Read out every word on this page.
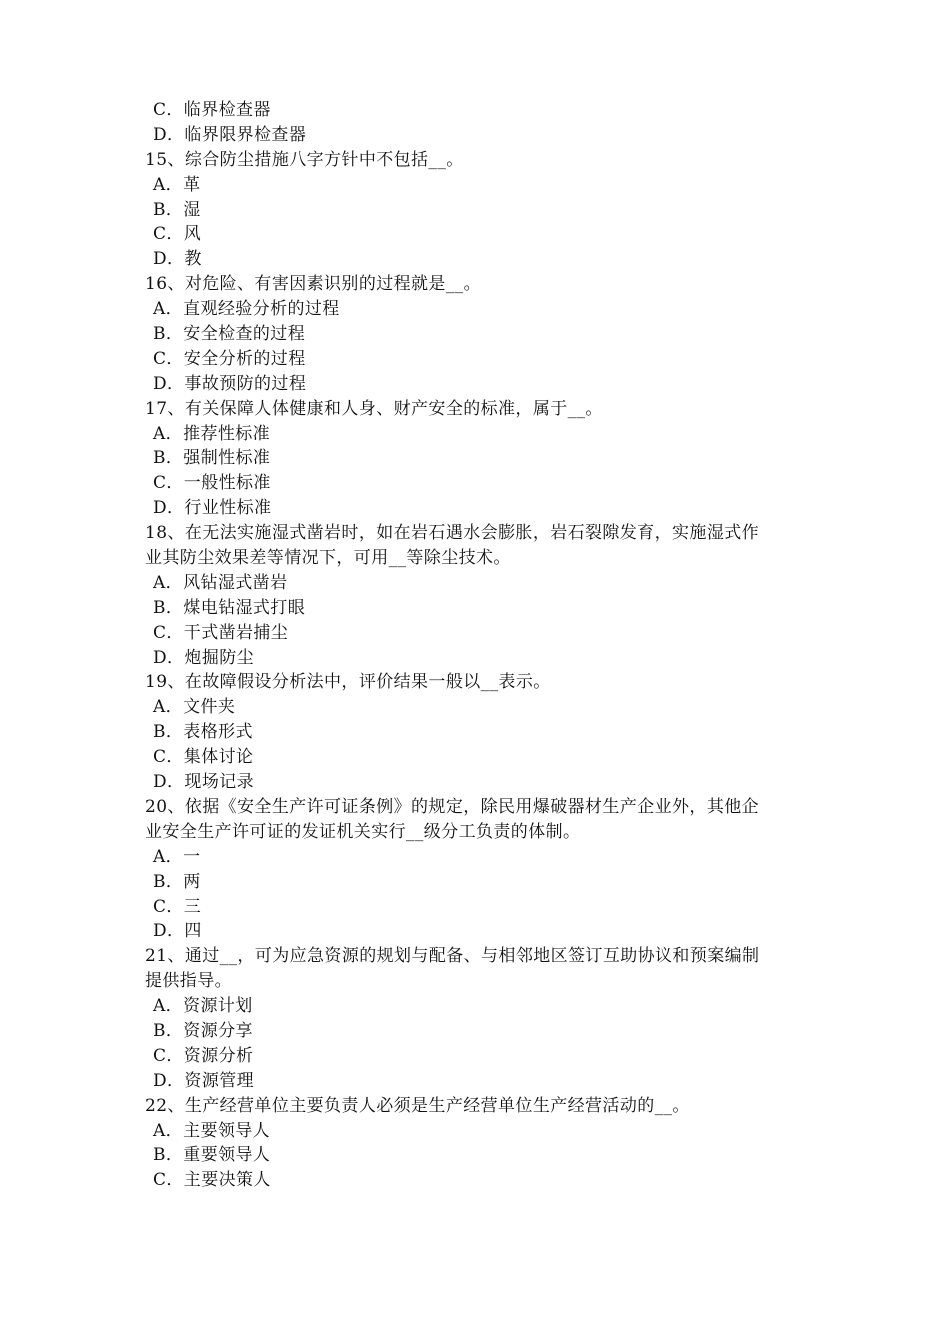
C．临界检查器
D．临界限界检查器
15、综合防尘措施八字方针中不包括__。
A．革
B．湿
C．风
D．教
16、对危险、有害因素识别的过程就是__。
A．直观经验分析的过程
B．安全检查的过程
C．安全分析的过程
D．事故预防的过程
17、有关保障人体健康和人身、财产安全的标准，属于__。
A．推荐性标准
B．强制性标准
C．一般性标准
D．行业性标准
18、在无法实施湿式凿岩时，如在岩石遇水会膨胀，岩石裂隙发育，实施湿式作
业其防尘效果差等情况下，可用__等除尘技术。
A．风钻湿式凿岩
B．煤电钻湿式打眼
C．干式凿岩捕尘
D．炮掘防尘
19、在故障假设分析法中，评价结果一般以__表示。
A．文件夹
B．表格形式
C．集体讨论
D．现场记录
20、依据《安全生产许可证条例》的规定，除民用爆破器材生产企业外，其他企
业安全生产许可证的发证机关实行__级分工负责的体制。
A．一
B．两
C．三
D．四
21、通过__，可为应急资源的规划与配备、与相邻地区签订互助协议和预案编制
提供指导。
A．资源计划
B．资源分享
C．资源分析
D．资源管理
22、生产经营单位主要负责人必须是生产经营单位生产经营活动的__。
A．主要领导人
B．重要领导人
C．主要决策人
